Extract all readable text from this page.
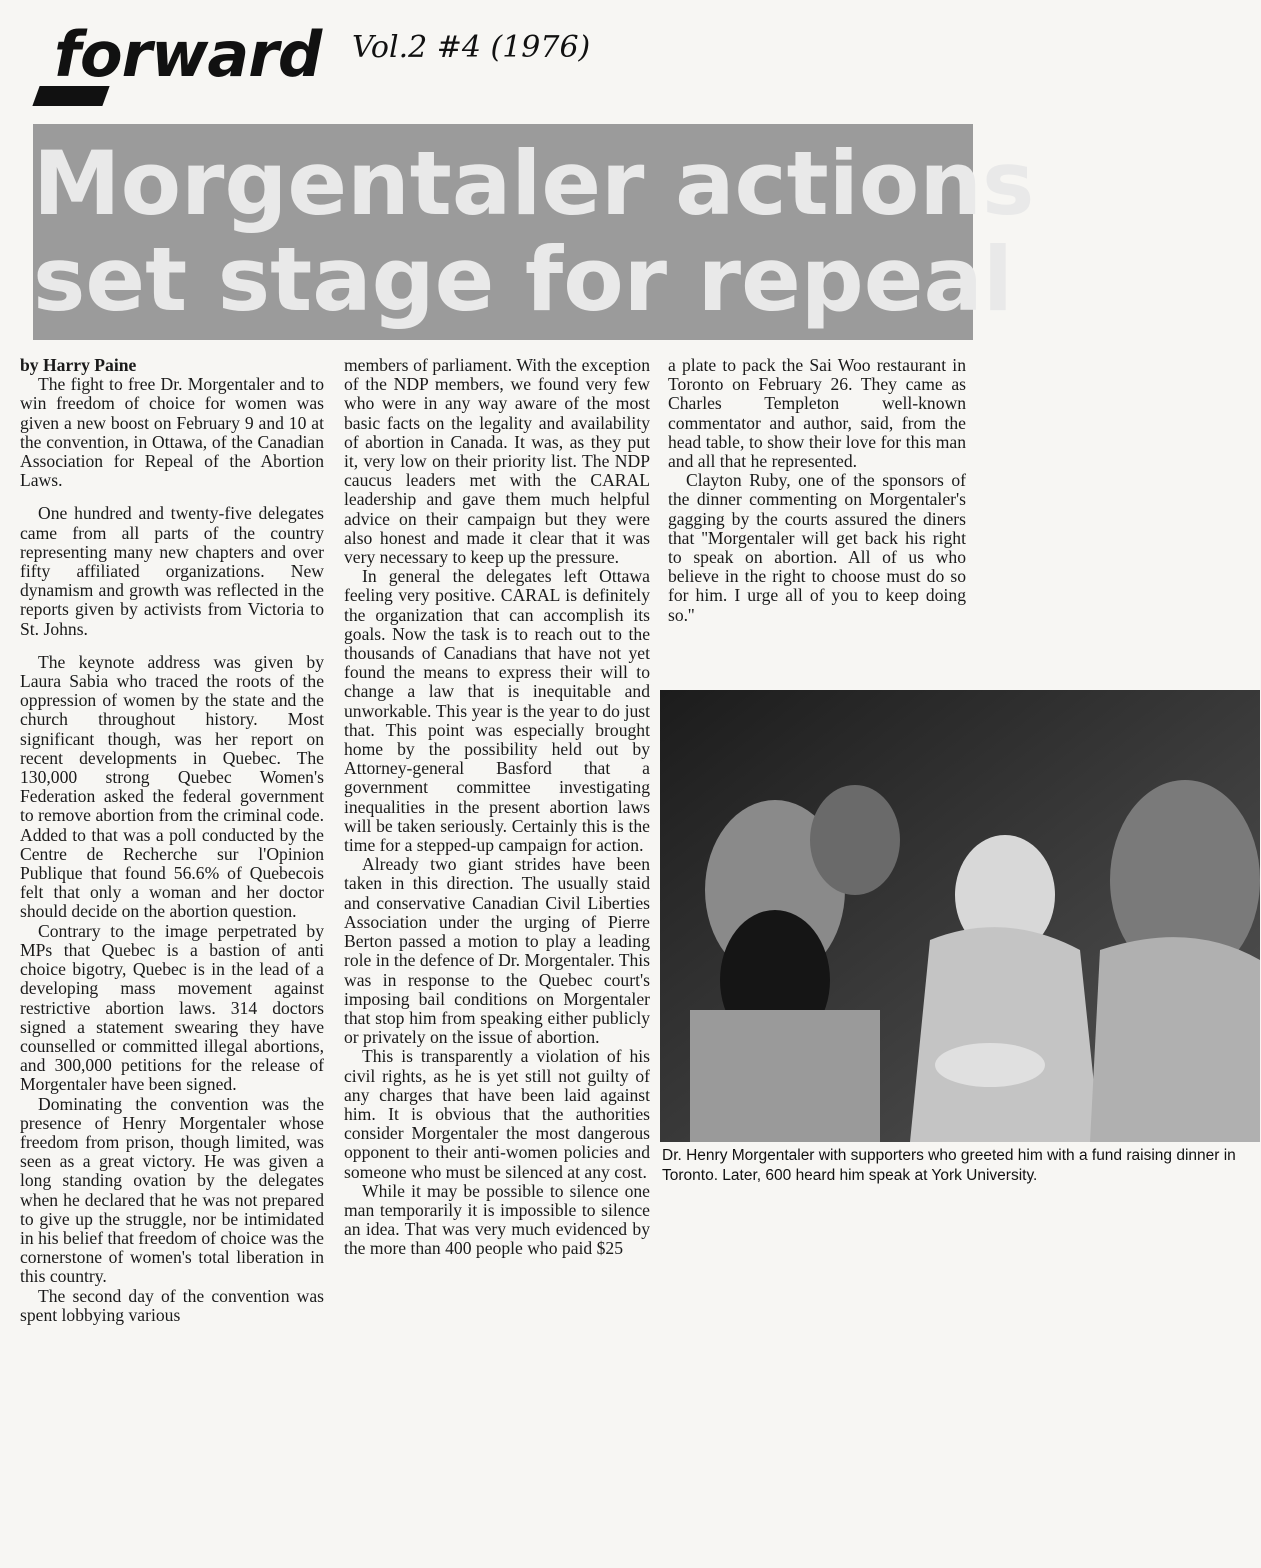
forward Vol.2 #4 (1976)
Morgentaler actions
set stage for repeal

by Harry Paine

The fight to free Dr. Morgentaler and to win freedom of choice for women was given a new boost on February 9 and 10 at the convention, in Ottawa, of the Canadian Association for Repeal of the Abortion Laws.

One hundred and twenty-five delegates came from all parts of the country representing many new chapters and over fifty affiliated organizations. New dynamism and growth was reflected in the reports given by activists from Victoria to St. Johns.

The keynote address was given by Laura Sabia who traced the roots of the oppression of women by the state and the church throughout history. Most significant though, was her report on recent developments in Quebec. The 130,000 strong Quebec Women's Federation asked the federal government to remove abortion from the criminal code. Added to that was a poll conducted by the Centre de Recherche sur l'Opinion Publique that found 56.6% of Quebecois felt that only a woman and her doctor should decide on the abortion question.

Contrary to the image perpetrated by MPs that Quebec is a bastion of anti choice bigotry, Quebec is in the lead of a developing mass movement against restrictive abortion laws. 314 doctors signed a statement swearing they have counselled or committed illegal abortions, and 300,000 petitions for the release of Morgentaler have been signed.

Dominating the convention was the presence of Henry Morgentaler whose freedom from prison, though limited, was seen as a great victory. He was given a long standing ovation by the delegates when he declared that he was not prepared to give up the struggle, nor be intimidated in his belief that freedom of choice was the cornerstone of women's total liberation in this country.

The second day of the convention was spent lobbying various

members of parliament. With the exception of the NDP members, we found very few who were in any way aware of the most basic facts on the legality and availability of abortion in Canada. It was, as they put it, very low on their priority list. The NDP caucus leaders met with the CARAL leadership and gave them much helpful advice on their campaign but they were also honest and made it clear that it was very necessary to keep up the pressure.

In general the delegates left Ottawa feeling very positive. CARAL is definitely the organization that can accomplish its goals. Now the task is to reach out to the thousands of Canadians that have not yet found the means to express their will to change a law that is inequitable and unworkable. This year is the year to do just that. This point was especially brought home by the possibility held out by Attorney-general Basford that a government committee investigating inequalities in the present abortion laws will be taken seriously. Certainly this is the time for a stepped-up campaign for action.

Already two giant strides have been taken in this direction. The usually staid and conservative Canadian Civil Liberties Association under the urging of Pierre Berton passed a motion to play a leading role in the defence of Dr. Morgentaler. This was in response to the Quebec court's imposing bail conditions on Morgentaler that stop him from speaking either publicly or privately on the issue of abortion.

This is transparently a violation of his civil rights, as he is yet still not guilty of any charges that have been laid against him. It is obvious that the authorities consider Morgentaler the most dangerous opponent to their anti-women policies and someone who must be silenced at any cost.

While it may be possible to silence one man temporarily it is impossible to silence an idea. That was very much evidenced by the more than 400 people who paid $25

a plate to pack the Sai Woo restaurant in Toronto on February 26. They came as Charles Templeton well-known commentator and author, said, from the head table, to show their love for this man and all that he represented.

Clayton Ruby, one of the sponsors of the dinner commenting on Morgentaler's gagging by the courts assured the diners that ''Morgentaler will get back his right to speak on abortion. All of us who believe in the right to choose must do so for him. I urge all of you to keep doing so.''

Dr. Henry Morgentaler with supporters who greeted him with a fund raising dinner in Toronto. Later, 600 heard him speak at York University.
